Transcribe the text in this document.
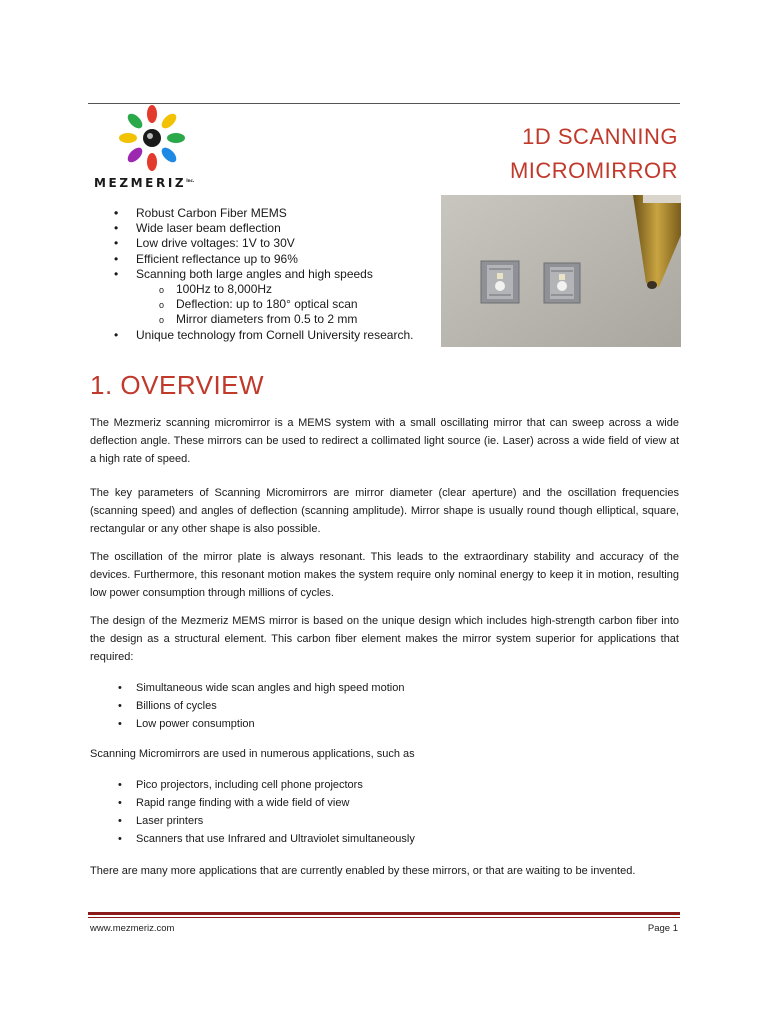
$MEZMERIZ^{Inc.}$
1D SCANNING
MICROMIRROR
• Robust Carbon Fiber MEMS
• Wide laser beam deflection
• Low drive voltages: 1V to 30V
• Efficient reflectance up to 96%
• Scanning both large angles and high speeds
o 100Hz to 8,000Hz
o Deflection: up to 180° optical scan
o Mirror diameters from 0.5 to 2 mm
• Unique technology from Cornell University research.
1. OVERVIEW

The Mezmeriz scanning micromirror is a MEMS system with a small oscillating mirror that can sweep across a wide deflection angle. These mirrors can be used to redirect a collimated light source (ie. Laser) across a wide field of view at a high rate of speed.

The key parameters of Scanning Micromirrors are mirror diameter (clear aperture) and the oscillation frequencies (scanning speed) and angles of deflection (scanning amplitude). Mirror shape is usually round though elliptical, square, rectangular or any other shape is also possible.

The oscillation of the mirror plate is always resonant. This leads to the extraordinary stability and accuracy of the devices. Furthermore, this resonant motion makes the system require only nominal energy to keep it in motion, resulting low power consumption through millions of cycles.

The design of the Mezmeriz MEMS mirror is based on the unique design which includes high-strength carbon fiber into the design as a structural element. This carbon fiber element makes the mirror system superior for applications that required:

• Simultaneous wide scan angles and high speed motion
• Billions of cycles
• Low power consumption

Scanning Micromirrors are used in numerous applications, such as

• Pico projectors, including cell phone projectors
• Rapid range finding with a wide field of view
• Laser printers
• Scanners that use Infrared and Ultraviolet simultaneously

There are many more applications that are currently enabled by these mirrors, or that are waiting to be invented.

www.mezmeriz.com	Page 1
